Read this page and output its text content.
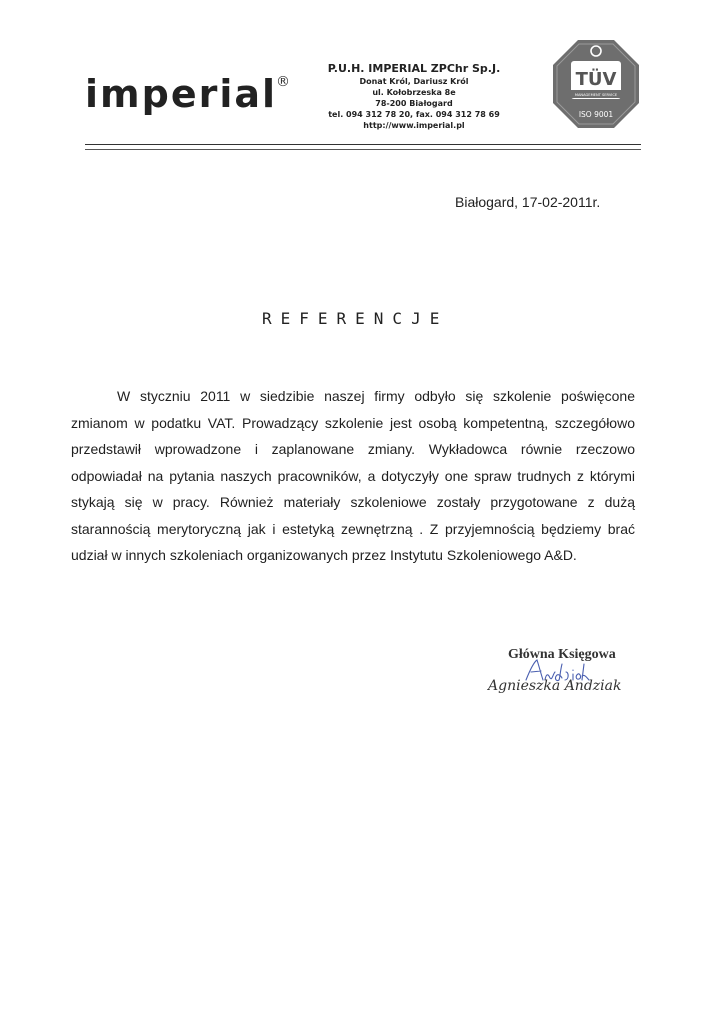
imperial
®
P.U.H. IMPERIAL ZPChr Sp.J.
Donat Król, Dariusz Król
ul. Kołobrzeska 8e
78-200 Białogard
tel. 094 312 78 20, fax. 094 312 78 69
http://www.imperial.pl
TÜV
MANAGEMENT SERVICE
ISO 9001
Białogard, 17-02-2011r.
REFERENCJE
W styczniu 2011 w siedzibie naszej firmy odbyło się szkolenie poświęcone
zmianom w podatku VAT. Prowadzący szkolenie jest osobą kompetentną, szczegółowo
przedstawił wprowadzone i zaplanowane zmiany. Wykładowca równie rzeczowo
odpowiadał na pytania naszych pracowników, a dotyczyły one spraw trudnych z którymi
stykają się w pracy. Również materiały szkoleniowe zostały przygotowane z dużą
starannością merytoryczną jak i estetyką zewnętrzną . Z przyjemnością będziemy brać
udział w innych szkoleniach organizowanych przez Instytutu Szkoleniowego A&D.
Główna Księgowa
Agnieszka Andziak
